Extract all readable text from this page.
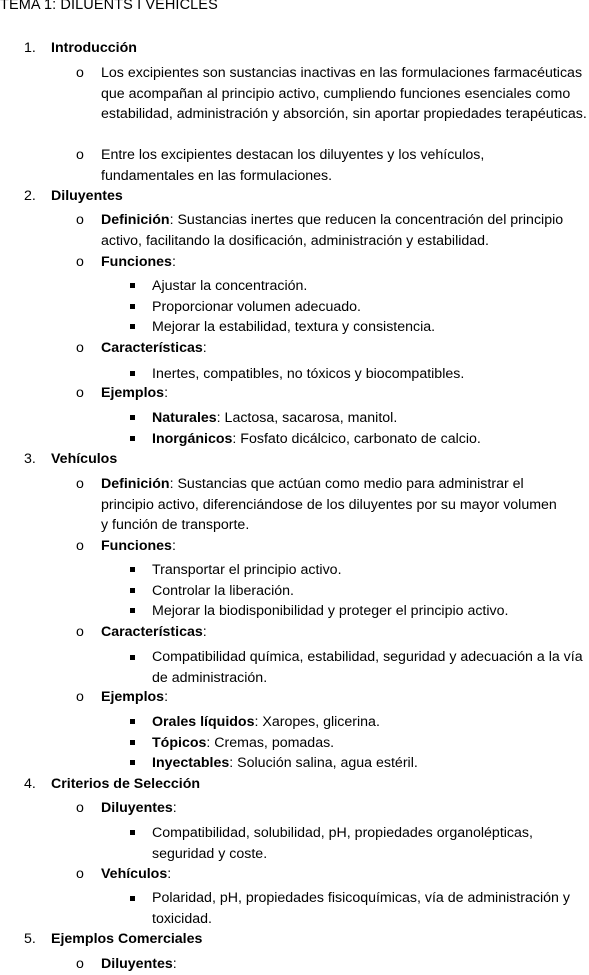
TEMA 1: DILUENTS I VEHICLES
1. Introducción
o Los excipientes son sustancias inactivas en las formulaciones farmacéuticas que acompañan al principio activo, cumpliendo funciones esenciales como estabilidad, administración y absorción, sin aportar propiedades terapéuticas.
o Entre los excipientes destacan los diluyentes y los vehículos, fundamentales en las formulaciones.
2. Diluyentes
o Definición: Sustancias inertes que reducen la concentración del principio activo, facilitando la dosificación, administración y estabilidad.
o Funciones:
Ajustar la concentración.
Proporcionar volumen adecuado.
Mejorar la estabilidad, textura y consistencia.
o Características:
Inertes, compatibles, no tóxicos y biocompatibles.
o Ejemplos:
Naturales: Lactosa, sacarosa, manitol.
Inorgánicos: Fosfato dicálcico, carbonato de calcio.
3. Vehículos
o Definición: Sustancias que actúan como medio para administrar el principio activo, diferenciándose de los diluyentes por su mayor volumen y función de transporte.
o Funciones:
Transportar el principio activo.
Controlar la liberación.
Mejorar la biodisponibilidad y proteger el principio activo.
o Características:
Compatibilidad química, estabilidad, seguridad y adecuación a la vía de administración.
o Ejemplos:
Orales líquidos: Xaropes, glicerina.
Tópicos: Cremas, pomadas.
Inyectables: Solución salina, agua estéril.
4. Criterios de Selección
o Diluyentes:
Compatibilidad, solubilidad, pH, propiedades organolépticas, seguridad y coste.
o Vehículos:
Polaridad, pH, propiedades fisicoquímicas, vía de administración y toxicidad.
5. Ejemplos Comerciales
o Diluyentes:
